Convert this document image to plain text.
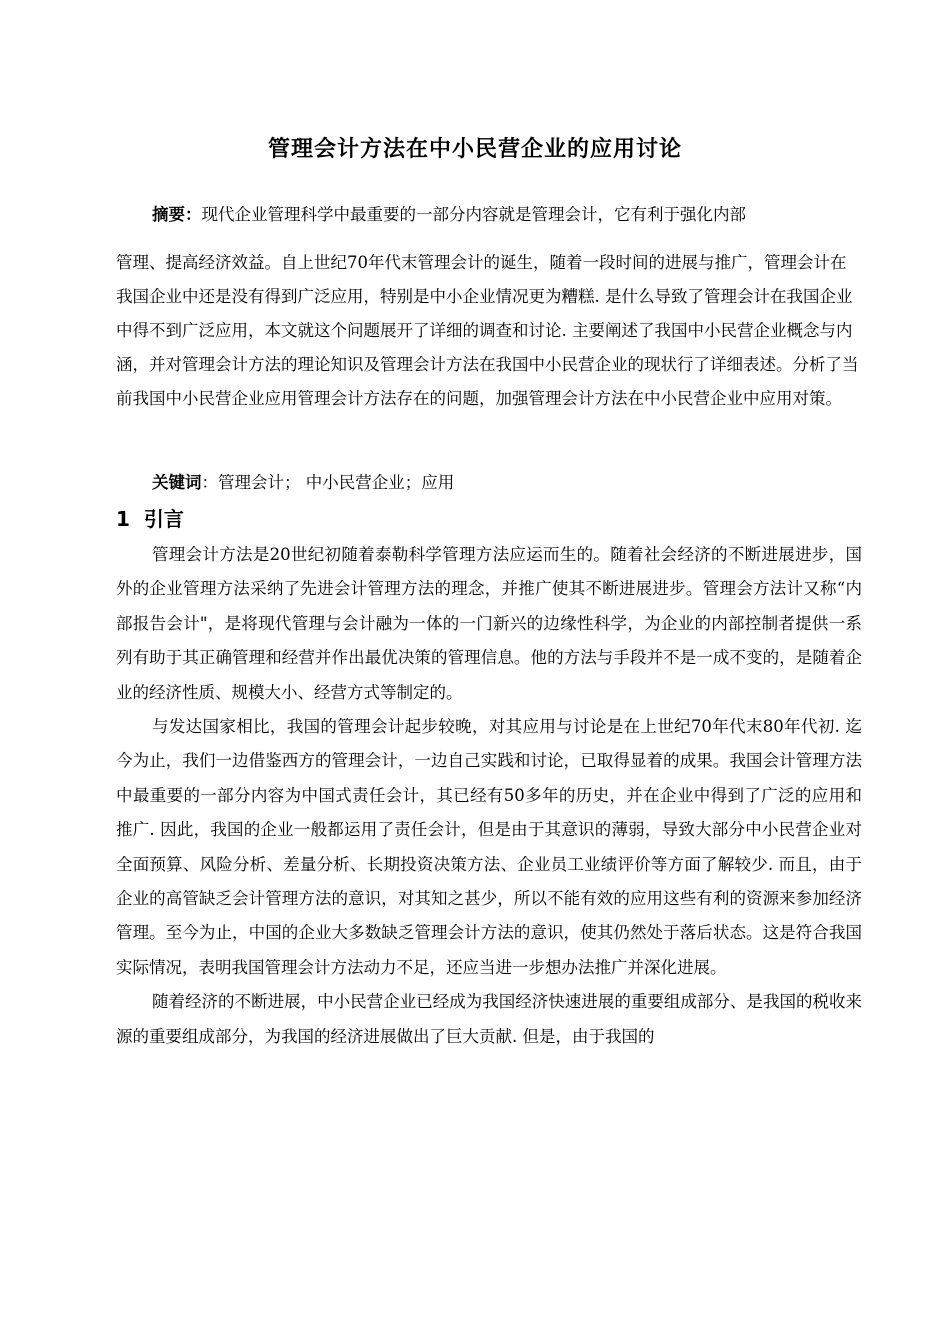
管理会计方法在中小民营企业的应用讨论
摘要：现代企业管理科学中最重要的一部分内容就是管理会计，它有利于强化内部
管理、提高经济效益。自上世纪70年代末管理会计的诞生，随着一段时间的进展与推广，管理会计在我国企业中还是没有得到广泛应用，特别是中小企业情况更为糟糕. 是什么导致了管理会计在我国企业中得不到广泛应用，本文就这个问题展开了详细的调查和讨论. 主要阐述了我国中小民营企业概念与内涵，并对管理会计方法的理论知识及管理会计方法在我国中小民营企业的现状行了详细表述。分析了当前我国中小民营企业应用管理会计方法存在的问题，加强管理会计方法在中小民营企业中应用对策。

关键词：管理会计； 中小民营企业；应用

1 引言

管理会计方法是20世纪初随着泰勒科学管理方法应运而生的。随着社会经济的不断进展进步，国外的企业管理方法采纳了先进会计管理方法的理念，并推广使其不断进展进步。管理会方法计又称“内部报告会计"，是将现代管理与会计融为一体的一门新兴的边缘性科学，为企业的内部控制者提供一系列有助于其正确管理和经营并作出最优决策的管理信息。他的方法与手段并不是一成不变的，是随着企业的经济性质、规模大小、经营方式等制定的。

与发达国家相比，我国的管理会计起步较晚，对其应用与讨论是在上世纪70年代末80年代初. 迄今为止，我们一边借鉴西方的管理会计，一边自己实践和讨论，已取得显着的成果。我国会计管理方法中最重要的一部分内容为中国式责任会计，其已经有50多年的历史，并在企业中得到了广泛的应用和推广. 因此，我国的企业一般都运用了责任会计，但是由于其意识的薄弱，导致大部分中小民营企业对全面预算、风险分析、差量分析、长期投资决策方法、企业员工业绩评价等方面了解较少. 而且，由于企业的高管缺乏会计管理方法的意识，对其知之甚少，所以不能有效的应用这些有利的资源来参加经济管理。至今为止，中国的企业大多数缺乏管理会计方法的意识，使其仍然处于落后状态。这是符合我国实际情况，表明我国管理会计方法动力不足，还应当进一步想办法推广并深化进展。

随着经济的不断进展，中小民营企业已经成为我国经济快速进展的重要组成部分、是我国的税收来源的重要组成部分，为我国的经济进展做出了巨大贡献. 但是，由于我国的
